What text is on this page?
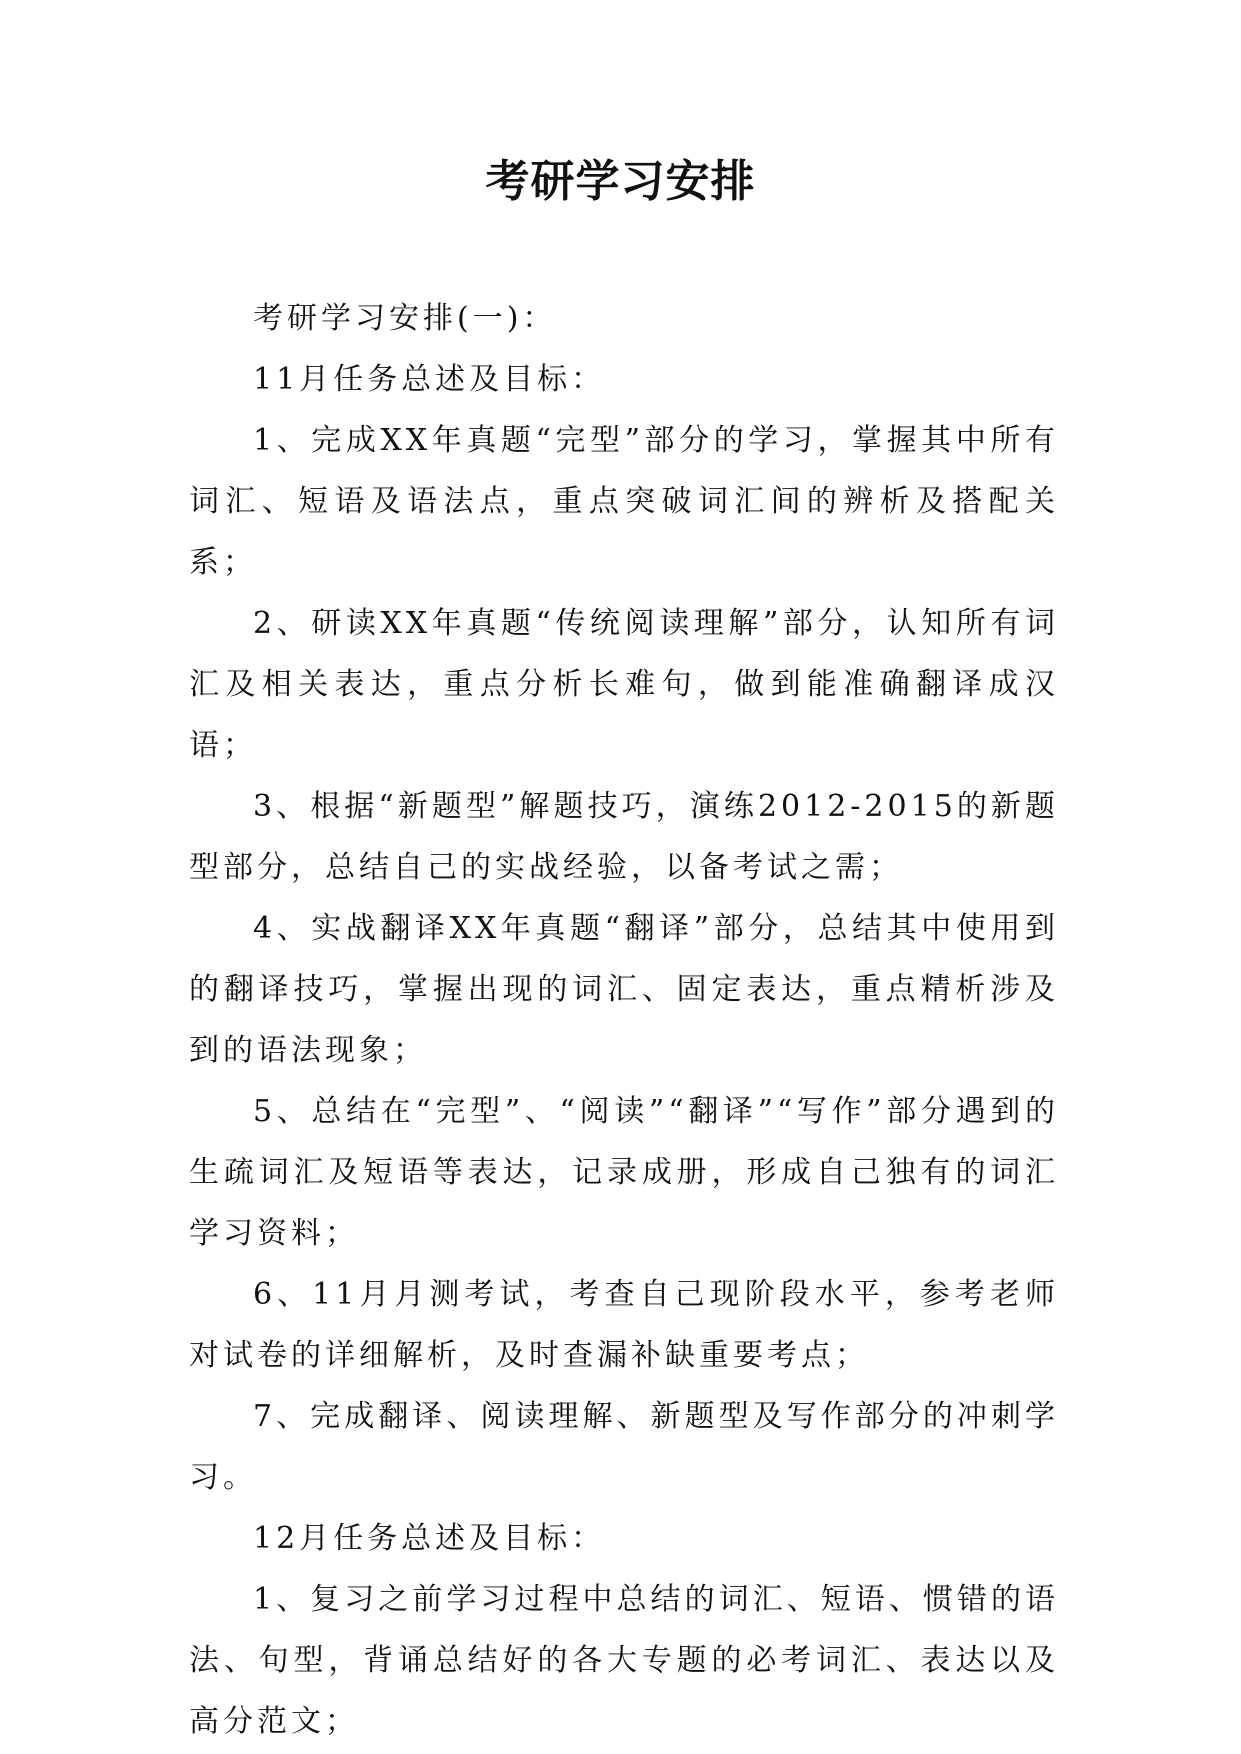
考研学习安排

考研学习安排(一)：

11月任务总述及目标：

1、完成XX年真题“完型”部分的学习，掌握其中所有词汇、短语及语法点，重点突破词汇间的辨析及搭配关系；

2、研读XX年真题“传统阅读理解”部分，认知所有词汇及相关表达，重点分析长难句，做到能准确翻译成汉语；

3、根据“新题型”解题技巧，演练2012-2015的新题型部分，总结自己的实战经验，以备考试之需；

4、实战翻译XX年真题“翻译”部分，总结其中使用到的翻译技巧，掌握出现的词汇、固定表达，重点精析涉及到的语法现象；

5、总结在“完型”、“阅读”“翻译”“写作”部分遇到的生疏词汇及短语等表达，记录成册，形成自己独有的词汇学习资料；

6、11月月测考试，考查自己现阶段水平，参考老师对试卷的详细解析，及时查漏补缺重要考点；

7、完成翻译、阅读理解、新题型及写作部分的冲刺学习。

12月任务总述及目标：

1、复习之前学习过程中总结的词汇、短语、惯错的语法、句型，背诵总结好的各大专题的必考词汇、表达以及高分范文；
